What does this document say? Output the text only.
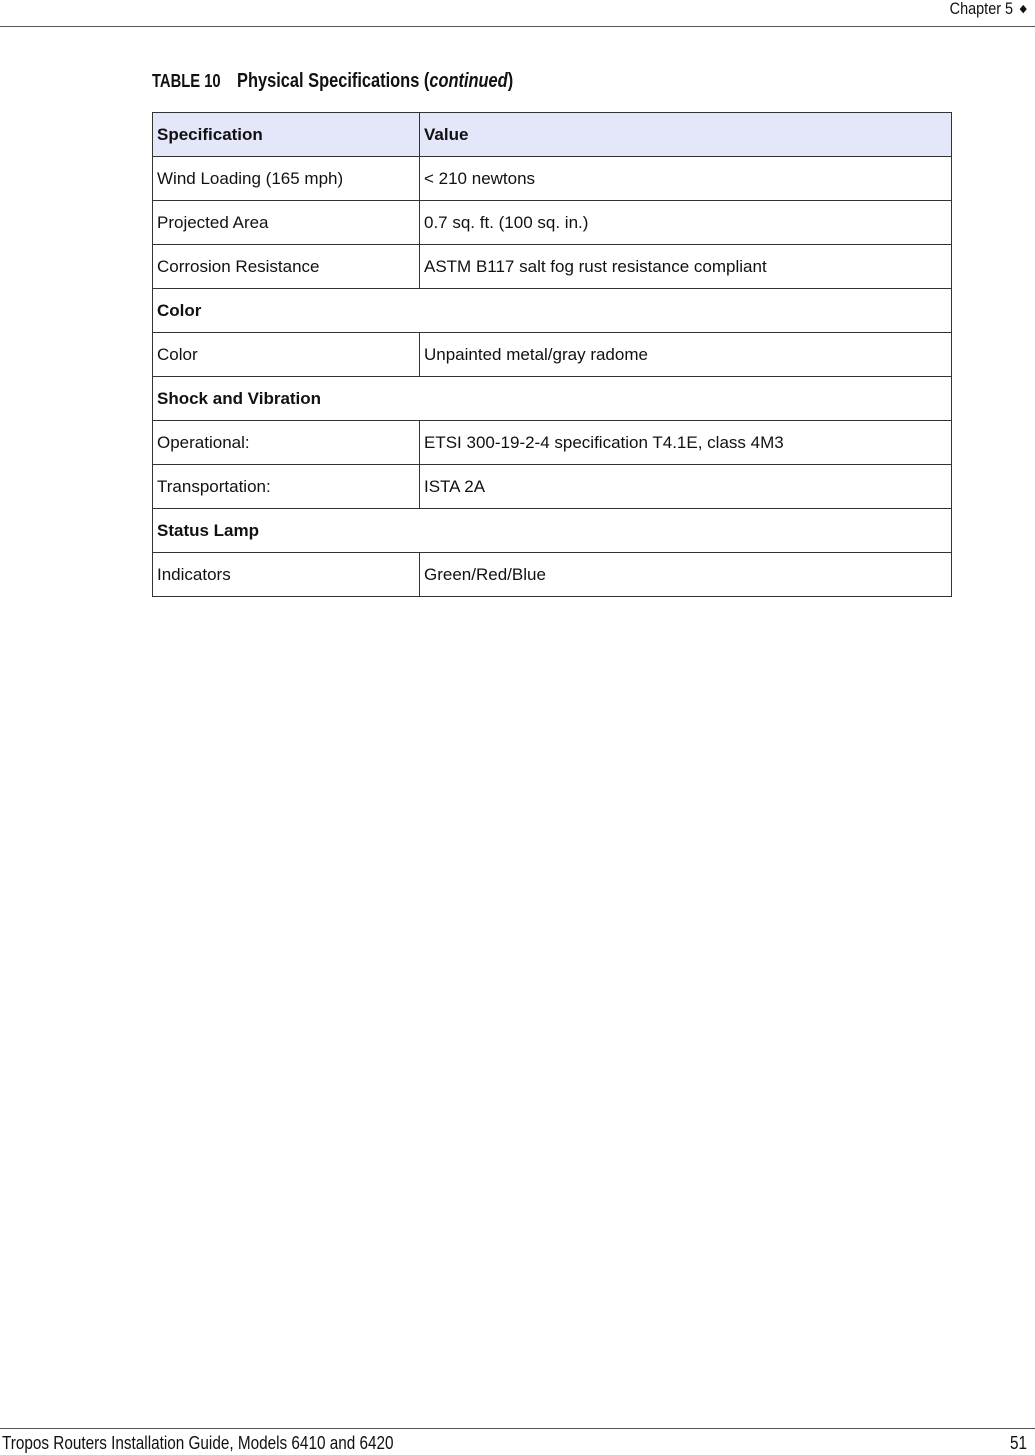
Chapter 5 ◆
TABLE 10 Physical Specifications (continued)
Specification	Value
Wind Loading (165 mph)	< 210 newtons
Projected Area	0.7 sq. ft. (100 sq. in.)
Corrosion Resistance	ASTM B117 salt fog rust resistance compliant
Color	
Color	Unpainted metal/gray radome
Shock and Vibration	
Operational:	ETSI 300-19-2-4 specification T4.1E, class 4M3
Transportation:	ISTA 2A
Status Lamp	
Indicators	Green/Red/Blue
Tropos Routers Installation Guide, Models 6410 and 6420	51
